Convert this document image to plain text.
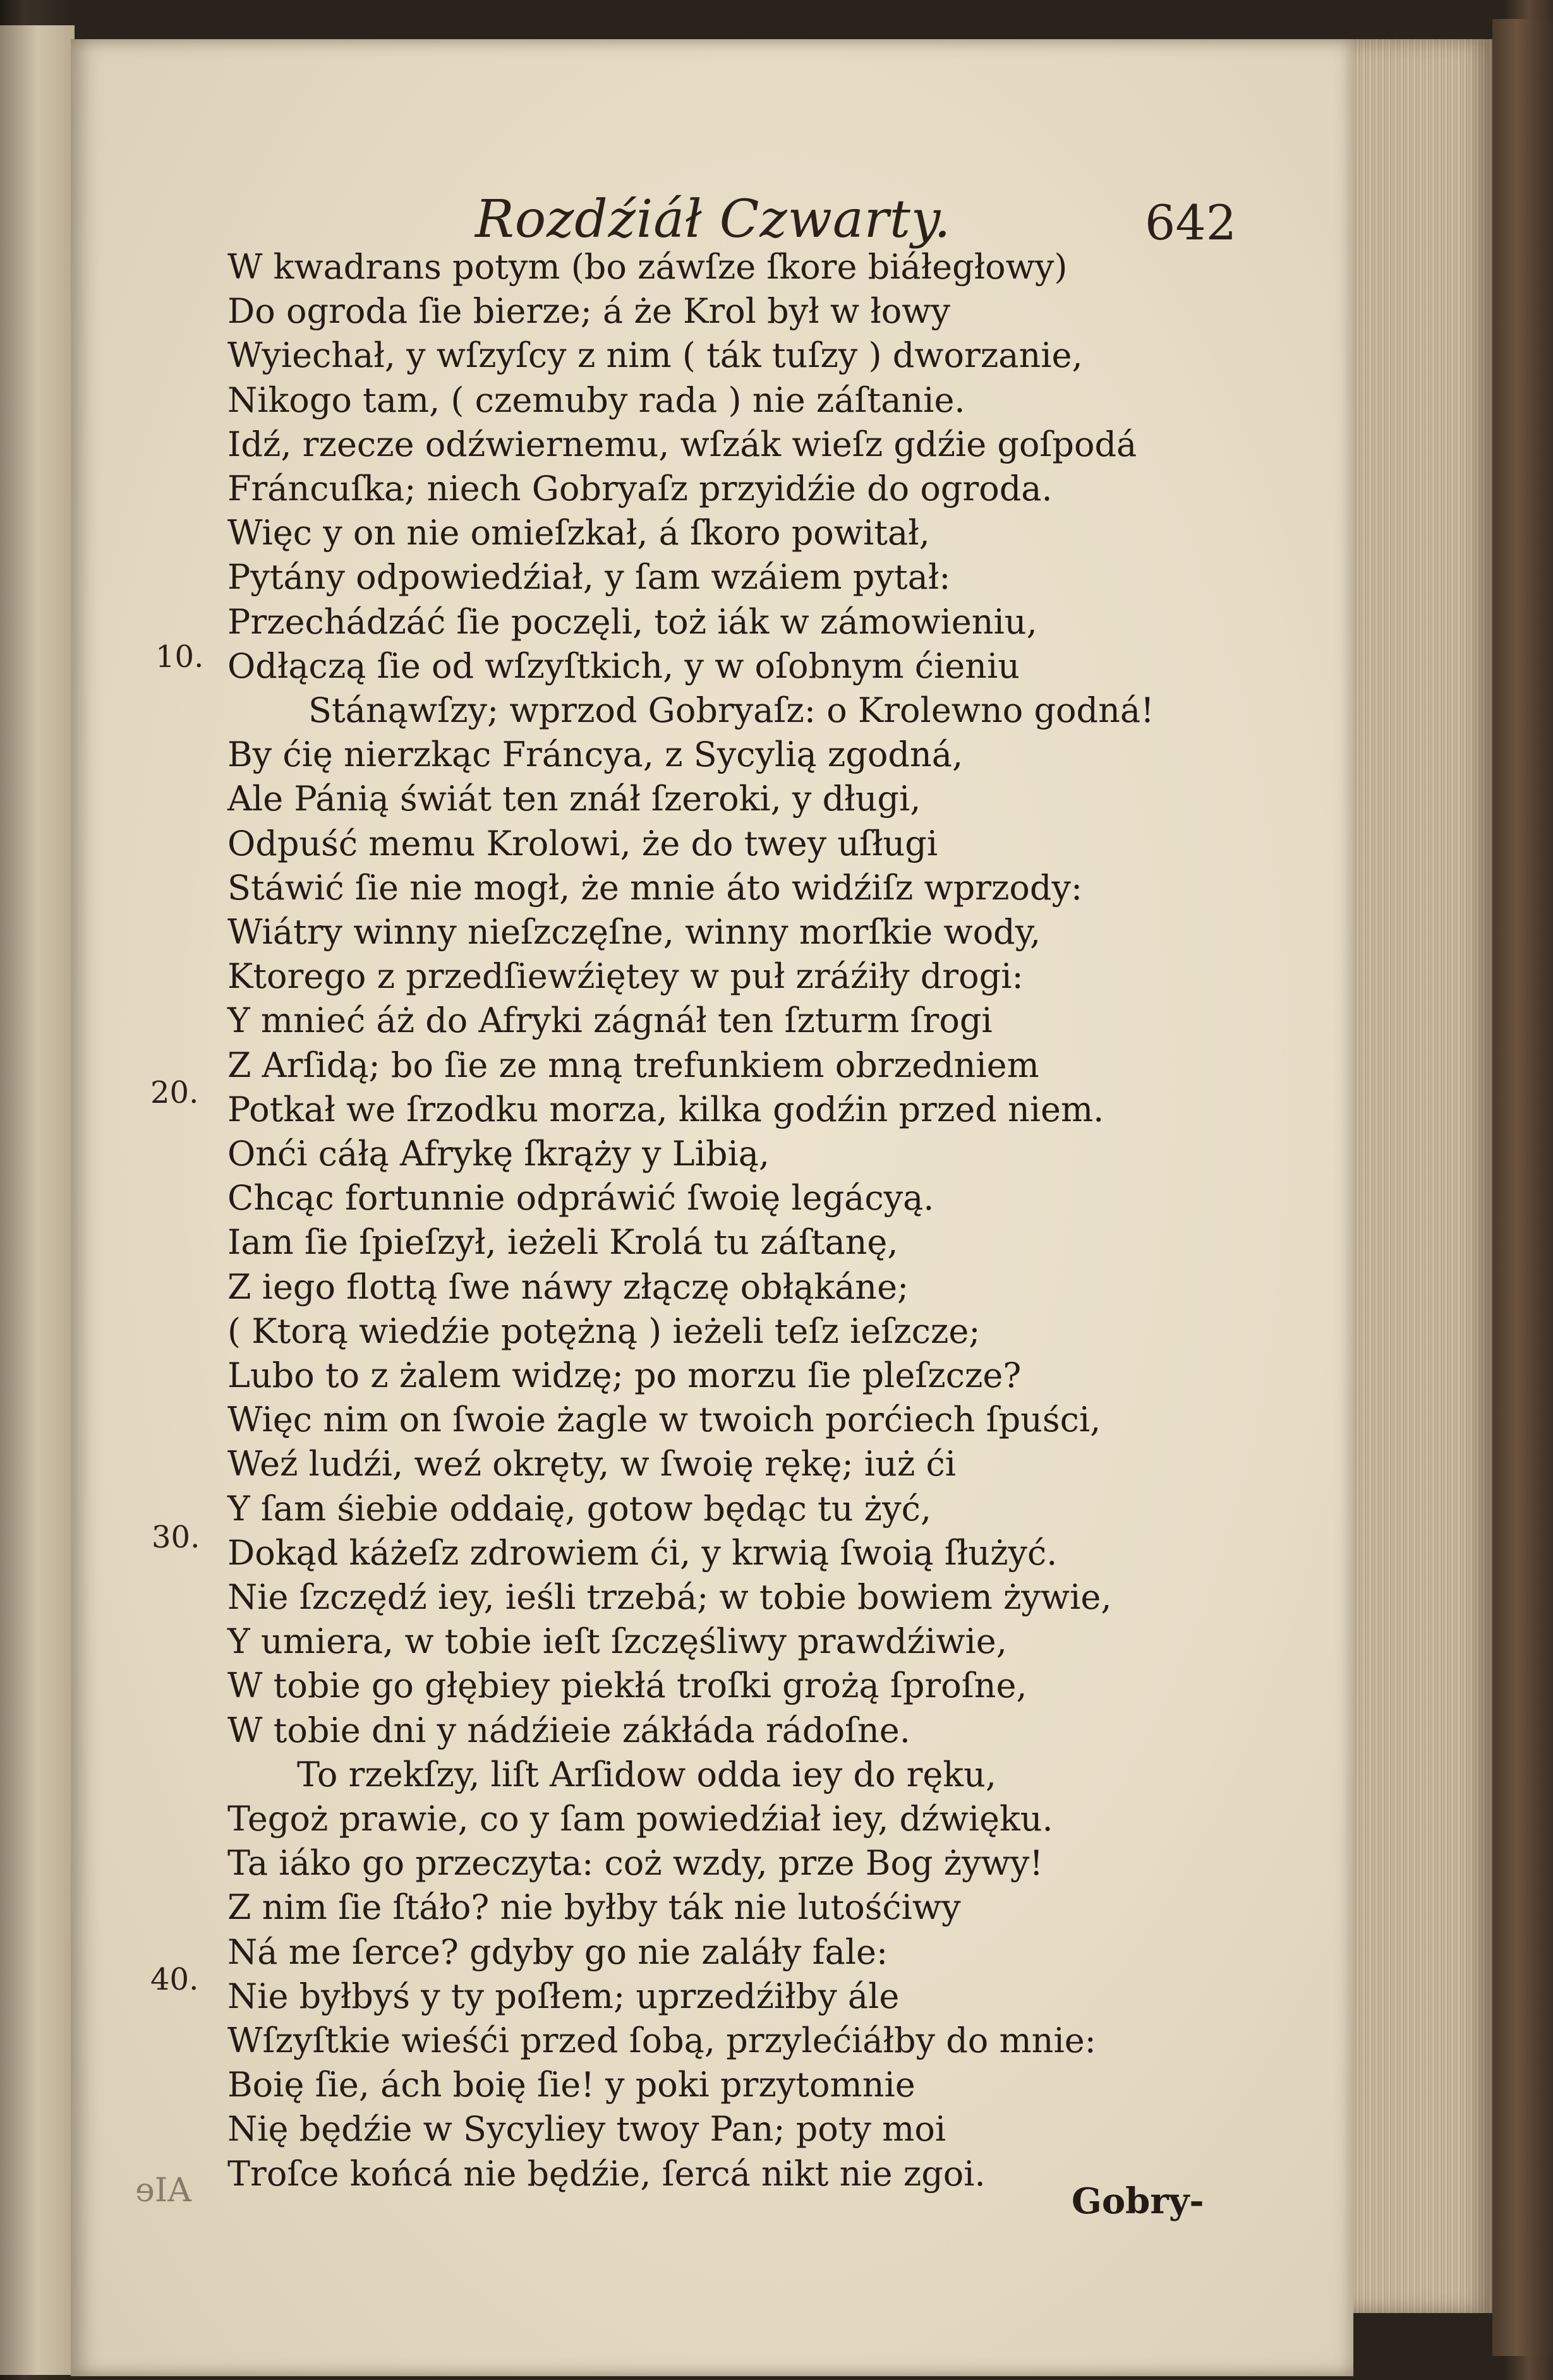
Rozdźiáł Czwarty.	642
W kwadrans potym (bo záwſze ſkore biáłegłowy)
Do ogroda ſie bierze; á że Krol był w łowy
Wyiechał, y wſzyſcy z nim ( ták tuſzy ) dworzanie,
Nikogo tam, ( czemuby rada ) nie záſtanie.
Idź, rzecze odźwiernemu, wſzák wieſz gdźie goſpodá
Fráncuſka; niech Gobryaſz przyidźie do ogroda.
Więc y on nie omieſzkał, á ſkoro powitał,
Pytány odpowiedźiał, y ſam wzáiem pytał:
Przechádzáć ſie poczęli, toż iák w zámowieniu,
Odłączą ſie od wſzyſtkich, y w oſobnym ćieniu
Stánąwſzy; wprzod Gobryaſz: o Krolewno godná!
By ćię nierzkąc Fráncya, z Sycylią zgodná,
Ale Pánią świát ten znáł ſzeroki, y długi,
Odpuść memu Krolowi, że do twey uſługi
Stáwić ſie nie mogł, że mnie áto widźiſz wprzody:
Wiátry winny nieſzczęſne, winny morſkie wody,
Ktorego z przedſiewźiętey w puł zráźiły drogi:
Y mnieć áż do Afryki zágnáł ten ſzturm ſrogi
Z Arſidą; bo ſie ze mną trefunkiem obrzedniem
Potkał we ſrzodku morza, kilka godźin przed niem.
Onći cáłą Afrykę ſkrąży y Libią,
Chcąc fortunnie odpráwić ſwoię legácyą.
Iam ſie ſpieſzył, ieżeli Krolá tu záſtanę,
Z iego flottą ſwe náwy złączę obłąkáne;
( Ktorą wiedźie potężną ) ieżeli teſz ieſzcze;
Lubo to z żalem widzę; po morzu ſie pleſzcze?
Więc nim on ſwoie żagle w twoich porćiech ſpuści,
Weź ludźi, weź okręty, w ſwoię rękę; iuż ći
Y ſam śiebie oddaię, gotow będąc tu żyć,
Dokąd káżeſz zdrowiem ći, y krwią ſwoią ſłużyć.
Nie ſzczędź iey, ieśli trzebá; w tobie bowiem żywie,
Y umiera, w tobie ieſt ſzczęśliwy prawdźiwie,
W tobie go głębiey piekłá troſki grożą ſproſne,
W tobie dni y nádźieie zákłáda rádoſne.
To rzekſzy, liſt Arſidow odda iey do ręku,
Tegoż prawie, co y ſam powiedźiał iey, dźwięku.
Ta iáko go przeczyta: coż wzdy, prze Bog żywy!
Z nim ſie ſtáło? nie byłby ták nie lutośćiwy
Ná me ſerce? gdyby go nie zaláły fale:
Nie byłbyś y ty poſłem; uprzedźiłby ále
Wſzyſtkie wieśći przed ſobą, przylećiáłby do mnie:
Boię ſie, ách boię ſie! y poki przytomnie
Nię będźie w Sycyliey twoy Pan; poty moi
Troſce końcá nie będźie, ſercá nikt nie zgoi.
10.
20.
30.
40.
ɘIA	Gobry-
